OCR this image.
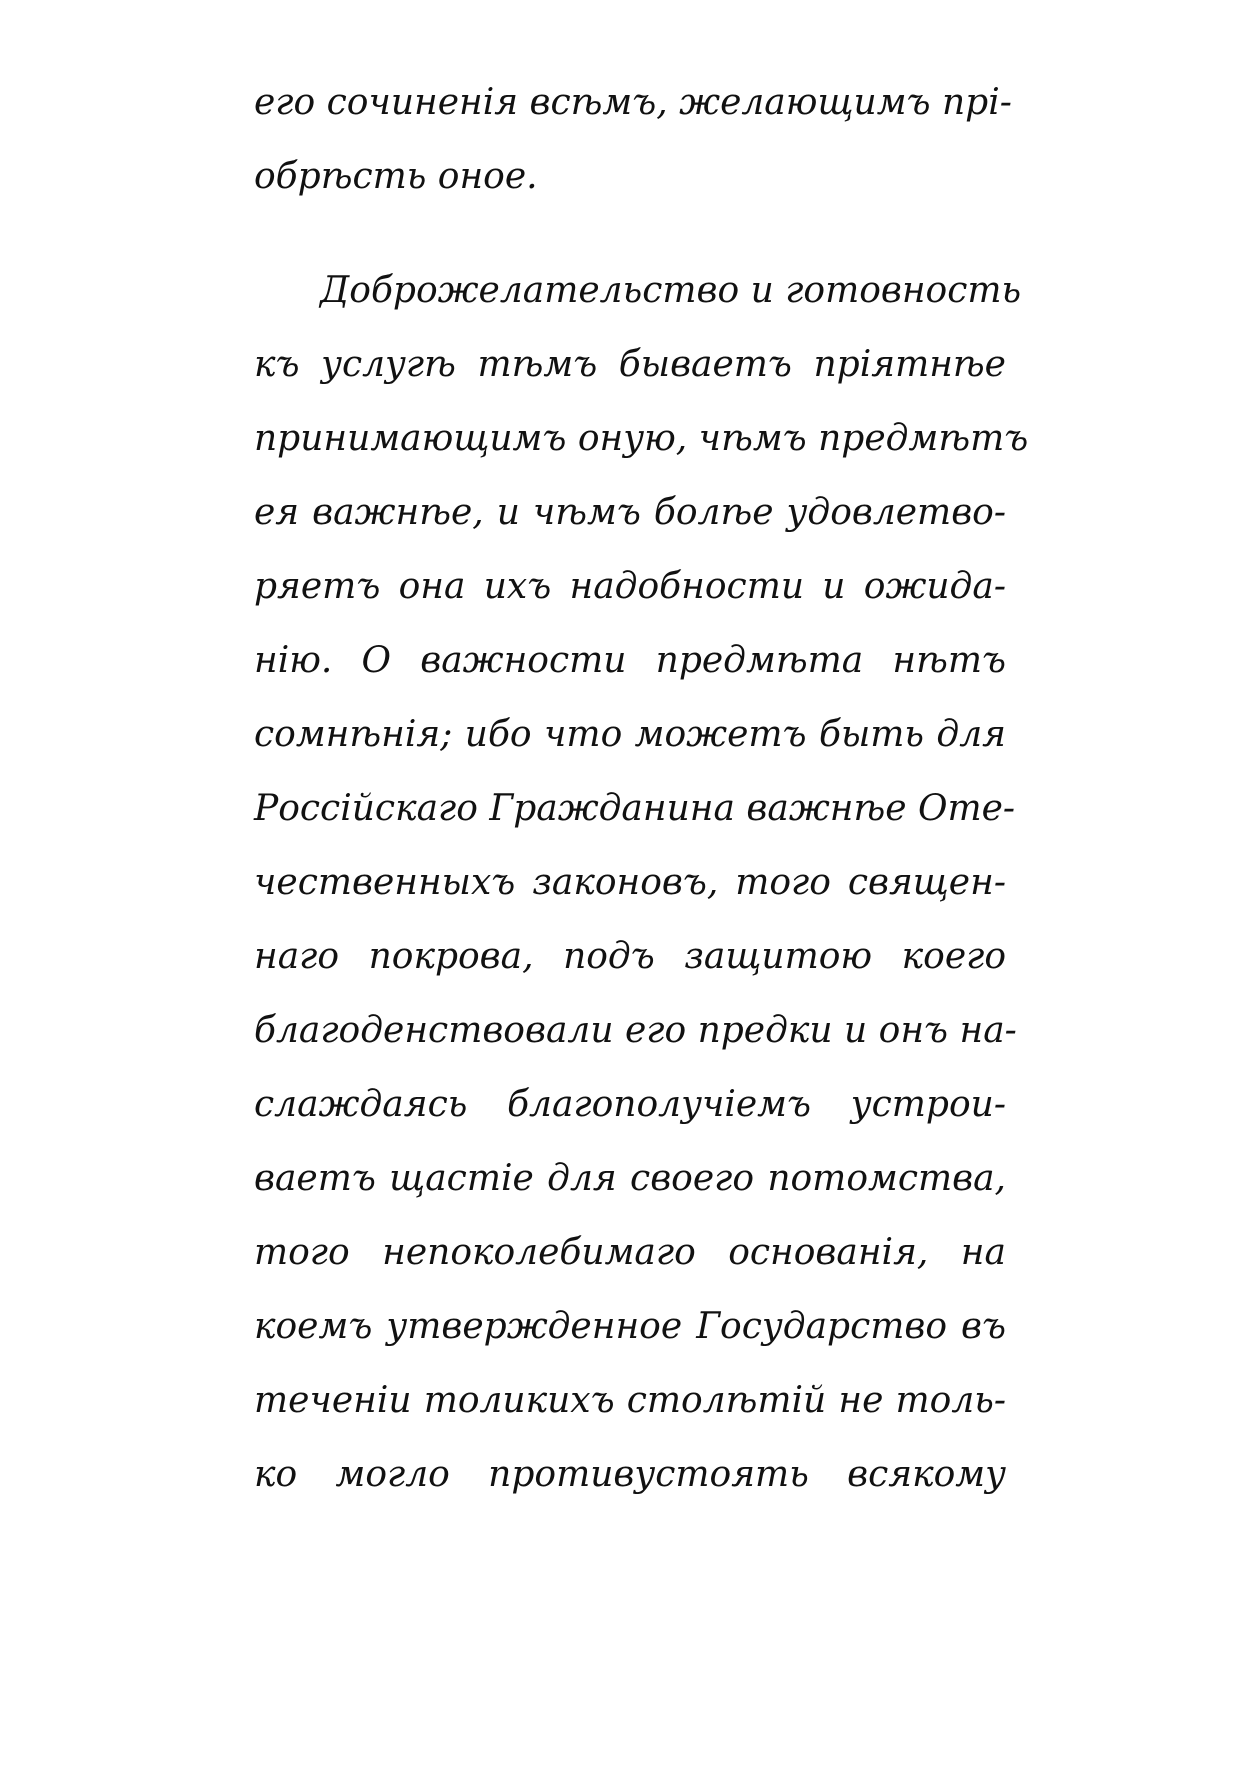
его сочиненія всѣмъ, желающимъ прі-
обрѣсть оное.
Доброжелательство и готовность
къ услугѣ тѣмъ бываетъ пріятнѣе
принимающимъ оную, чѣмъ предмѣтъ
ея важнѣе, и чѣмъ болѣе удовлетво-
ряетъ она ихъ надобности и ожида-
нію. О важности предмѣта нѣтъ
сомнѣнія; ибо что можетъ быть для
Россійскаго Гражданина важнѣе Оте-
чественныхъ законовъ, того священ-
наго покрова, подъ защитою коего
благоденствовали его предки и онъ на-
слаждаясь благополучіемъ устрои-
ваетъ щастіе для своего потомства,
того непоколебимаго основанія, на
коемъ утвержденное Государство въ
теченіи толикихъ столѣтій не толь-
ко могло противустоять всякому
